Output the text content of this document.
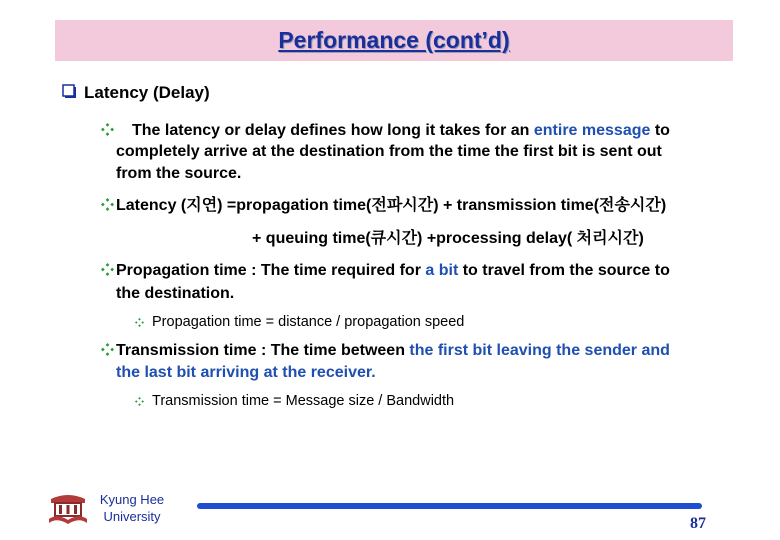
Performance (cont’d)
Latency (Delay)
The latency or delay defines how long it takes for an entire message to
completely arrive at the destination from the time the first bit is sent out
from the source.
Latency (지연) =propagation time(전파시간) + transmission time(전송시간)
+ queuing time(큐시간) +processing delay( 처리시간)
Propagation time : The time required for a bit to travel from the source to
the destination.
Propagation time = distance / propagation speed
Transmission time : The time between the first bit leaving the sender and
the last bit arriving at the receiver.
Transmission time = Message size / Bandwidth
Kyung Hee
University	87
